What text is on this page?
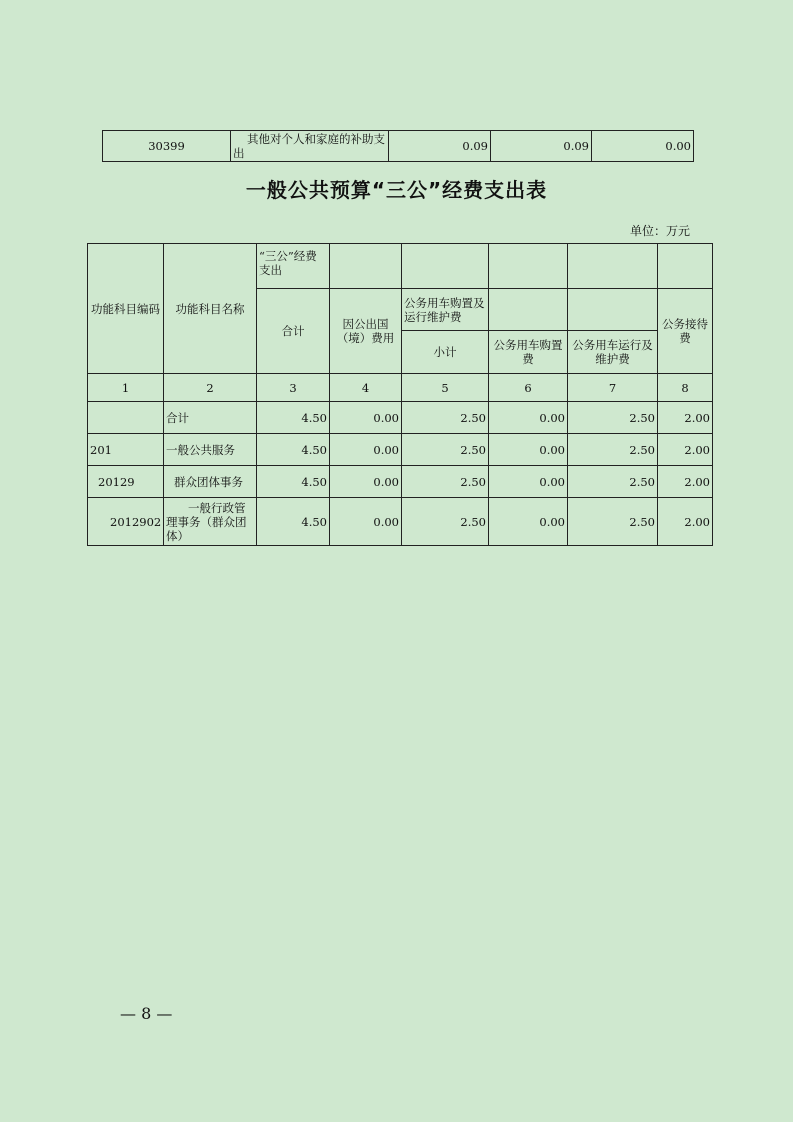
30399	其他对个人和家庭的补助支出	0.09	0.09	0.00
一般公共预算“三公”经费支出表
单位：万元
功能科目编码	功能科目名称	“三公”经费支出					
		合计	因公出国（境）费用	公务用车购置及运行维护费			公务接待费
				小计	公务用车购置费	公务用车运行及维护费	
1	2	3	4	5	6	7	8
	合计	4.50	0.00	2.50	0.00	2.50	2.00
201	一般公共服务	4.50	0.00	2.50	0.00	2.50	2.00
20129	群众团体事务	4.50	0.00	2.50	0.00	2.50	2.00
2012902	一般行政管理事务（群众团体）	4.50	0.00	2.50	0.00	2.50	2.00
— 8 —
